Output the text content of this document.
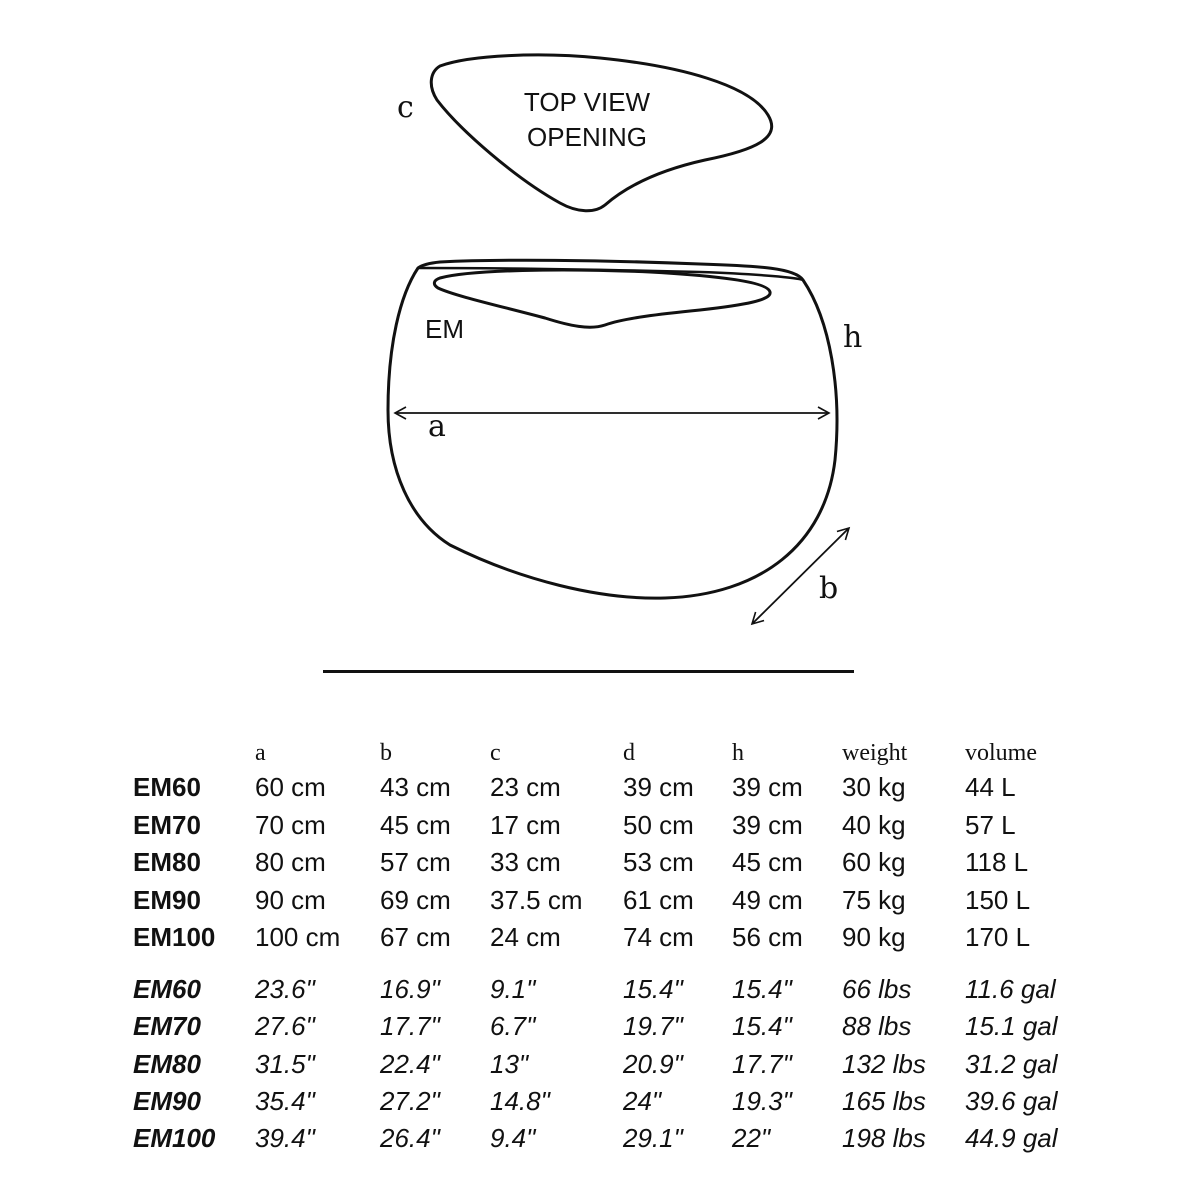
TOP VIEW
OPENING
c
EM	h
a
b
a	b	c	d	h	weight volume
EM60 60 cm 43 cm 23 cm 39 cm 39 cm 30 kg 44 L
EM70 70 cm 45 cm 17 cm 50 cm 39 cm 40 kg 57 L
EM80 80 cm 57 cm 33 cm 53 cm 45 cm 60 kg 118 L
EM90 90 cm 69 cm 37.5 cm 61 cm 49 cm 75 kg 150 L
EM100 100 cm 67 cm 24 cm 74 cm 56 cm 90 kg 170 L
EM60 23.6"	16.9" 9.1"	15.4" 15.4" 66 lbs 11.6 gal
EM70 27.6"	17.7" 6.7"	19.7" 15.4" 88 lbs 15.1 gal
EM80 31.5"	22.4" 13"	20.9" 17.7" 132 lbs 31.2 gal
EM90 35.4"	27.2" 14.8"	24"	19.3" 165 lbs 39.6 gal
EM100 39.4"	26.4" 9.4"	29.1" 22"	198 lbs 44.9 gal
